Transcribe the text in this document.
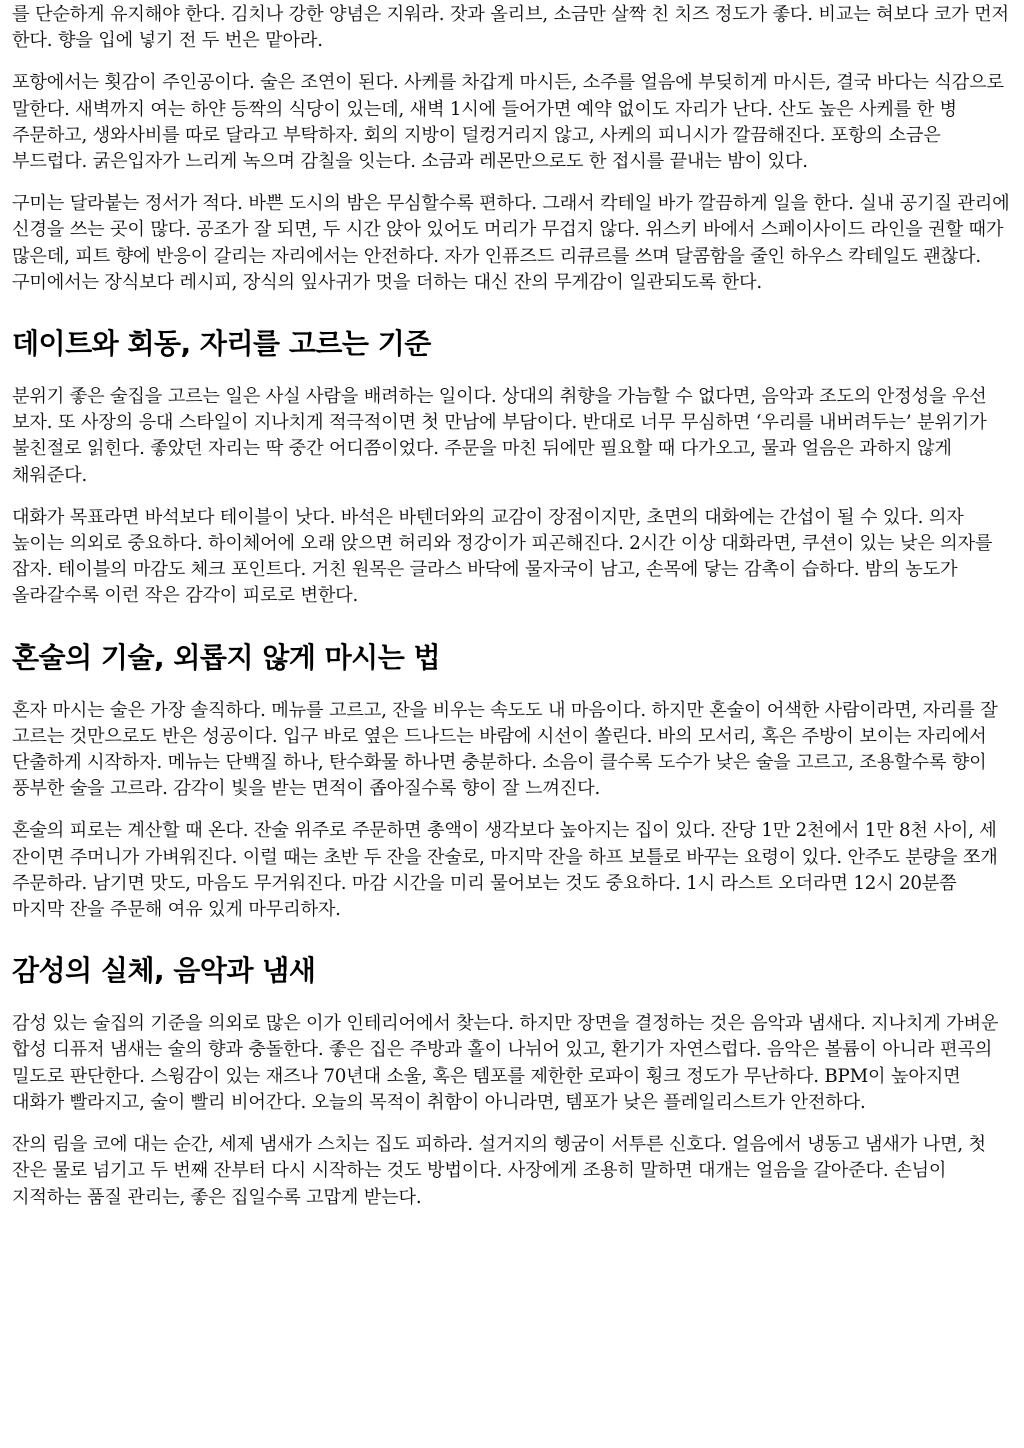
를 단순하게 유지해야 한다. 김치나 강한 양념은 지워라. 잣과 올리브, 소금만 살짝 친 치즈 정도가 좋다. 비교는 혀보다 코가 먼저 한다. 향을 입에 넣기 전 두 번은 맡아라.

포항에서는 횟감이 주인공이다. 술은 조연이 된다. 사케를 차갑게 마시든, 소주를 얼음에 부딪히게 마시든, 결국 바다는 식감으로 말한다. 새벽까지 여는 하얀 등짝의 식당이 있는데, 새벽 1시에 들어가면 예약 없이도 자리가 난다. 산도 높은 사케를 한 병 주문하고, 생와사비를 따로 달라고 부탁하자. 회의 지방이 덜컹거리지 않고, 사케의 피니시가 깔끔해진다. 포항의 소금은 부드럽다. 굵은입자가 느리게 녹으며 감칠을 잇는다. 소금과 레몬만으로도 한 접시를 끝내는 밤이 있다.

구미는 달라붙는 정서가 적다. 바쁜 도시의 밤은 무심할수록 편하다. 그래서 칵테일 바가 깔끔하게 일을 한다. 실내 공기질 관리에 신경을 쓰는 곳이 많다. 공조가 잘 되면, 두 시간 앉아 있어도 머리가 무겁지 않다. 위스키 바에서 스페이사이드 라인을 권할 때가 많은데, 피트 향에 반응이 갈리는 자리에서는 안전하다. 자가 인퓨즈드 리큐르를 쓰며 달콤함을 줄인 하우스 칵테일도 괜찮다. 구미에서는 장식보다 레시피, 장식의 잎사귀가 멋을 더하는 대신 잔의 무게감이 일관되도록 한다.

데이트와 회동, 자리를 고르는 기준

분위기 좋은 술집을 고르는 일은 사실 사람을 배려하는 일이다. 상대의 취향을 가늠할 수 없다면, 음악과 조도의 안정성을 우선 보자. 또 사장의 응대 스타일이 지나치게 적극적이면 첫 만남에 부담이다. 반대로 너무 무심하면 ‘우리를 내버려두는’ 분위기가 불친절로 읽힌다. 좋았던 자리는 딱 중간 어디쯤이었다. 주문을 마친 뒤에만 필요할 때 다가오고, 물과 얼음은 과하지 않게 채워준다.

대화가 목표라면 바석보다 테이블이 낫다. 바석은 바텐더와의 교감이 장점이지만, 초면의 대화에는 간섭이 될 수 있다. 의자 높이는 의외로 중요하다. 하이체어에 오래 앉으면 허리와 정강이가 피곤해진다. 2시간 이상 대화라면, 쿠션이 있는 낮은 의자를 잡자. 테이블의 마감도 체크 포인트다. 거친 원목은 글라스 바닥에 물자국이 남고, 손목에 닿는 감촉이 습하다. 밤의 농도가 올라갈수록 이런 작은 감각이 피로로 변한다.

혼술의 기술, 외롭지 않게 마시는 법

혼자 마시는 술은 가장 솔직하다. 메뉴를 고르고, 잔을 비우는 속도도 내 마음이다. 하지만 혼술이 어색한 사람이라면, 자리를 잘 고르는 것만으로도 반은 성공이다. 입구 바로 옆은 드나드는 바람에 시선이 쏠린다. 바의 모서리, 혹은 주방이 보이는 자리에서 단출하게 시작하자. 메뉴는 단백질 하나, 탄수화물 하나면 충분하다. 소음이 클수록 도수가 낮은 술을 고르고, 조용할수록 향이 풍부한 술을 고르라. 감각이 빛을 받는 면적이 좁아질수록 향이 잘 느껴진다.

혼술의 피로는 계산할 때 온다. 잔술 위주로 주문하면 총액이 생각보다 높아지는 집이 있다. 잔당 1만 2천에서 1만 8천 사이, 세 잔이면 주머니가 가벼워진다. 이럴 때는 초반 두 잔을 잔술로, 마지막 잔을 하프 보틀로 바꾸는 요령이 있다. 안주도 분량을 쪼개 주문하라. 남기면 맛도, 마음도 무거워진다. 마감 시간을 미리 물어보는 것도 중요하다. 1시 라스트 오더라면 12시 20분쯤 마지막 잔을 주문해 여유 있게 마무리하자.

감성의 실체, 음악과 냄새

감성 있는 술집의 기준을 의외로 많은 이가 인테리어에서 찾는다. 하지만 장면을 결정하는 것은 음악과 냄새다. 지나치게 가벼운 합성 디퓨저 냄새는 술의 향과 충돌한다. 좋은 집은 주방과 홀이 나뉘어 있고, 환기가 자연스럽다. 음악은 볼륨이 아니라 편곡의 밀도로 판단한다. 스윙감이 있는 재즈나 70년대 소울, 혹은 템포를 제한한 로파이 횡크 정도가 무난하다. BPM이 높아지면 대화가 빨라지고, 술이 빨리 비어간다. 오늘의 목적이 취함이 아니라면, 템포가 낮은 플레일리스트가 안전하다.

잔의 림을 코에 대는 순간, 세제 냄새가 스치는 집도 피하라. 설거지의 헹굼이 서투른 신호다. 얼음에서 냉동고 냄새가 나면, 첫 잔은 물로 넘기고 두 번째 잔부터 다시 시작하는 것도 방법이다. 사장에게 조용히 말하면 대개는 얼음을 갈아준다. 손님이 지적하는 품질 관리는, 좋은 집일수록 고맙게 받는다.
